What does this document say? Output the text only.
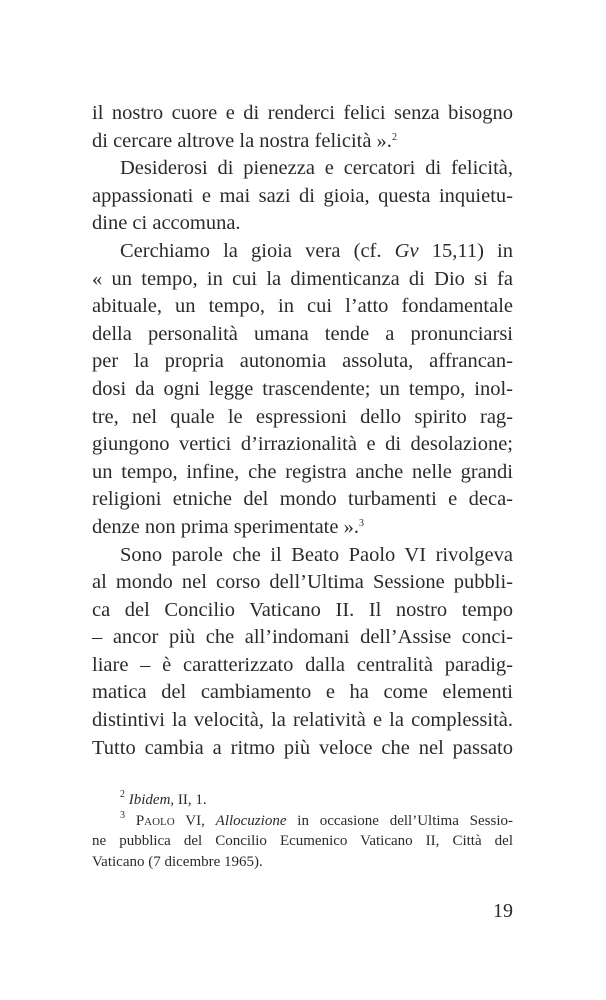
il nostro cuore e di renderci felici senza bisogno
di cercare altrove la nostra felicità ».$^2$
Desiderosi di pienezza e cercatori di felicità,
appassionati e mai sazi di gioia, questa inquietu-
dine ci accomuna.
Cerchiamo la gioia vera (cf. Gv 15,11) in
« un tempo, in cui la dimenticanza di Dio si fa
abituale, un tempo, in cui l’atto fondamentale
della personalità umana tende a pronunciarsi
per la propria autonomia assoluta, affrancan-
dosi da ogni legge trascendente; un tempo, inol-
tre, nel quale le espressioni dello spirito rag-
giungono vertici d’irrazionalità e di desolazione;
un tempo, infine, che registra anche nelle grandi
religioni etniche del mondo turbamenti e deca-
denze non prima sperimentate ».$^3$
Sono parole che il Beato Paolo VI rivolgeva
al mondo nel corso dell’Ultima Sessione pubbli-
ca del Concilio Vaticano II. Il nostro tempo
– ancor più che all’indomani dell’Assise conci-
liare – è caratterizzato dalla centralità paradig-
matica del cambiamento e ha come elementi
distintivi la velocità, la relatività e la complessità.
Tutto cambia a ritmo più veloce che nel passato
$^2$ Ibidem, II, 1.
$^3$ Paolo VI, Allocuzione in occasione dell’Ultima Sessio-
ne pubblica del Concilio Ecumenico Vaticano II, Città del
Vaticano (7 dicembre 1965).
19
